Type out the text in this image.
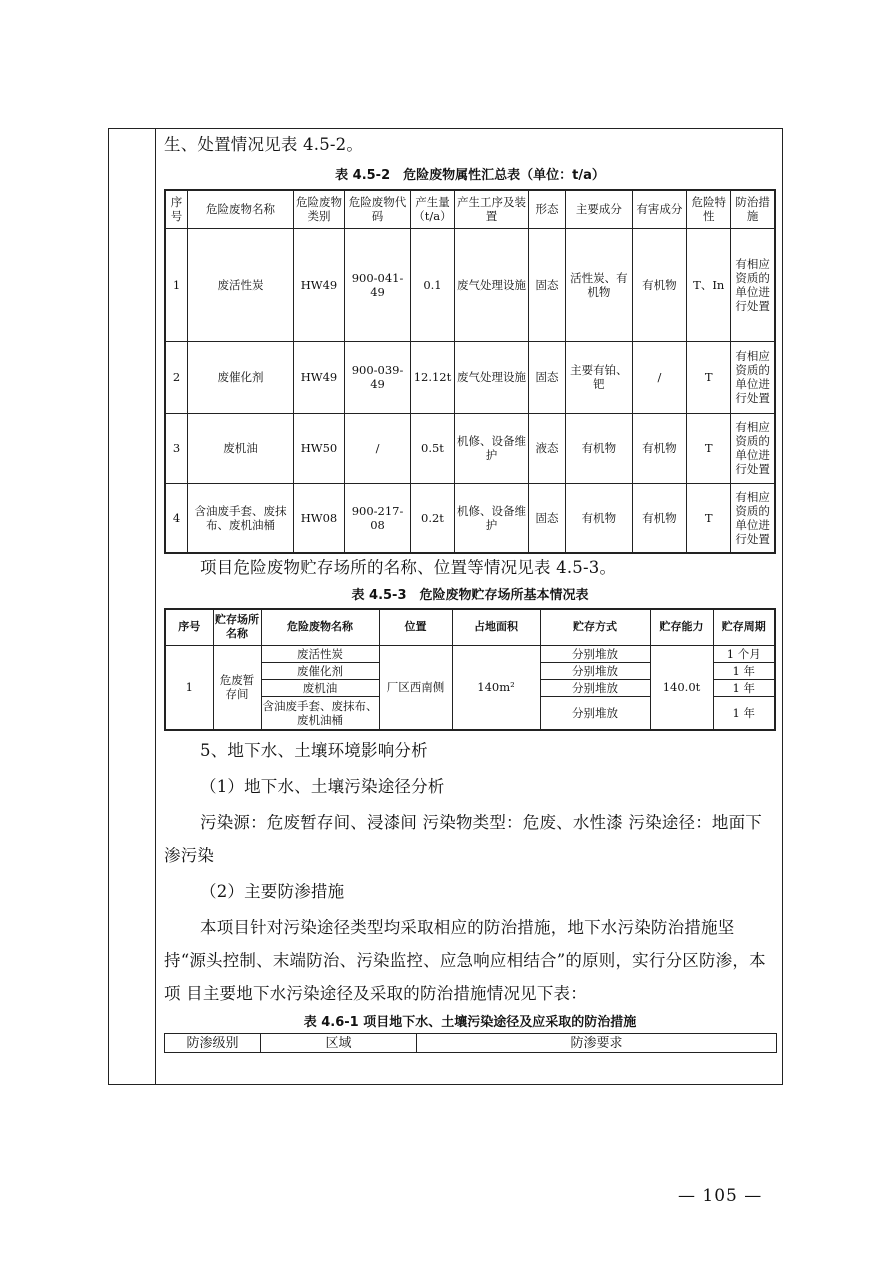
生、处置情况见表 4.5-2。

表 4.5-2　危险废物属性汇总表（单位：t/a）

序号	危险废物名称	危险废物类别	危险废物代码	产生量（t/a）	产生工序及装置	形态	主要成分	有害成分	危险特性	防治措施
1	废活性炭	HW49	900-041-49	0.1	废气处理设施	固态	活性炭、有机物	有机物	T、In	有相应资质的单位进行处置
2	废催化剂	HW49	900-039-49	12.12t	废气处理设施	固态	主要有铂、钯	/	T	有相应资质的单位进行处置
3	废机油	HW50	/	0.5t	机修、设备维护	液态	有机物	有机物	T	有相应资质的单位进行处置
4	含油废手套、废抹布、废机油桶	HW08	900-217-08	0.2t	机修、设备维护	固态	有机物	有机物	T	有相应资质的单位进行处置

项目危险废物贮存场所的名称、位置等情况见表 4.5-3。

表 4.5-3　危险废物贮存场所基本情况表

序号	贮存场所名称	危险废物名称	位置	占地面积	贮存方式	贮存能力	贮存周期
1	危废暂存间	废活性炭	厂区西南侧	140m²	分别堆放	140.0t	1 个月
		废催化剂			分别堆放		1 年
		废机油			分别堆放		1 年
		含油废手套、废抹布、废机油桶			分别堆放		1 年

5、地下水、土壤环境影响分析

（1）地下水、土壤污染途径分析

污染源：危废暂存间、浸漆间 污染物类型：危废、水性漆 污染途径：地面下渗污染

（2）主要防渗措施

本项目针对污染途径类型均采取相应的防治措施，地下水污染防治措施坚持“源头控制、末端防治、污染监控、应急响应相结合”的原则，实行分区防渗，本项 目主要地下水污染途径及采取的防治措施情况见下表：

表 4.6-1 项目地下水、土壤污染途径及应采取的防治措施

防渗级别	区域	防渗要求
— 105 —
